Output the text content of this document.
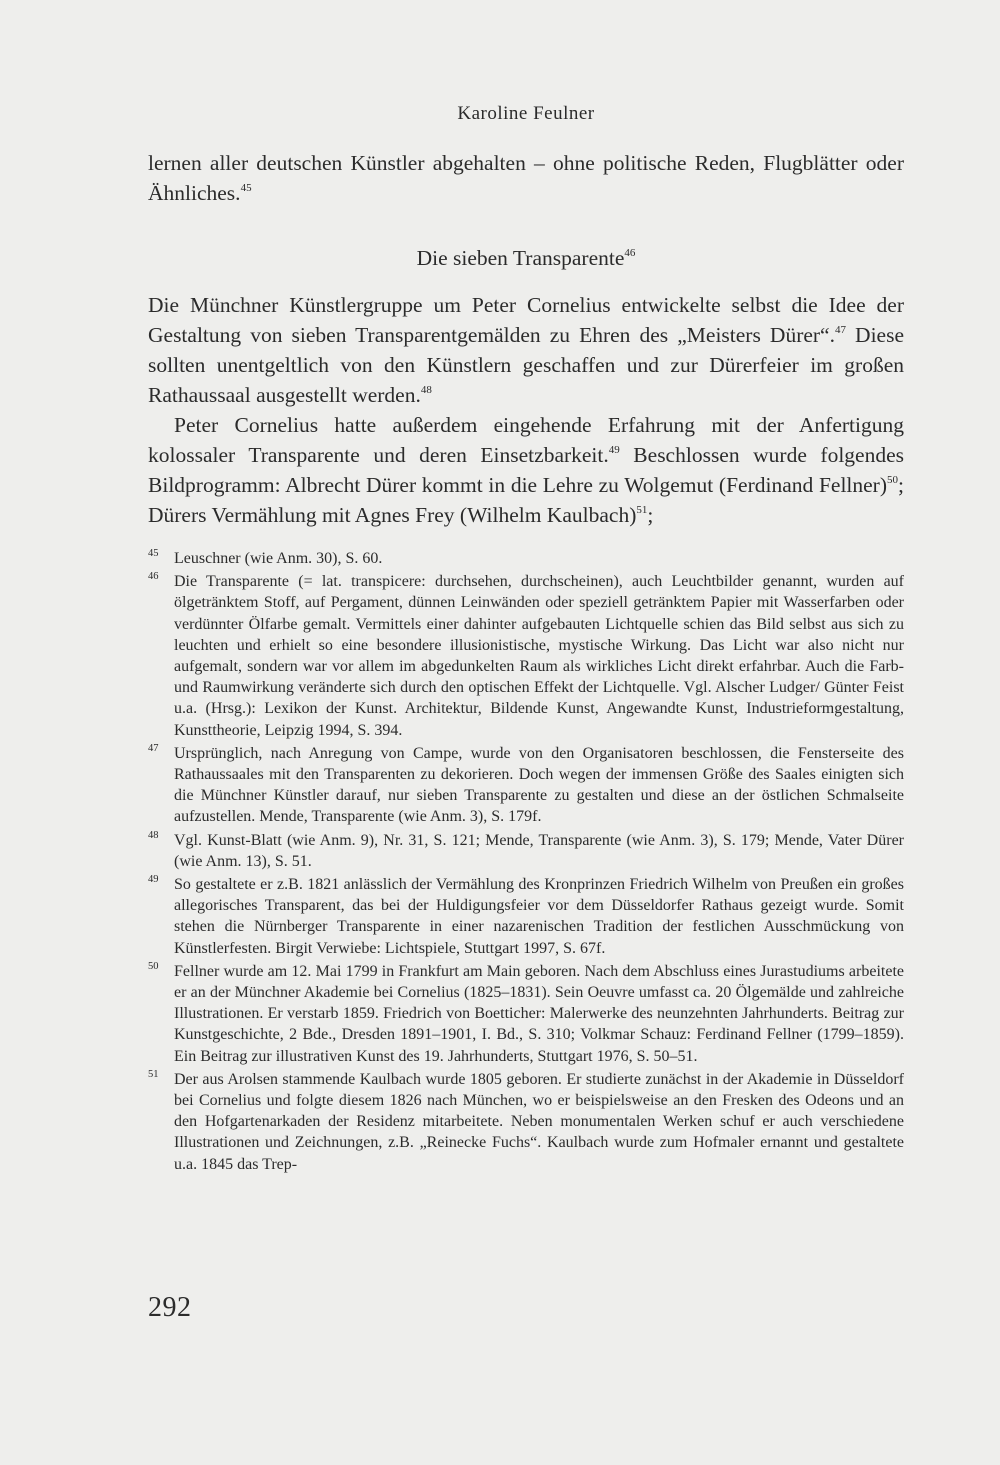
Karoline Feulner

lernen aller deutschen Künstler abgehalten – ohne politische Reden, Flugblätter oder Ähnliches.$^{45}$

Die sieben Transparente$^{46}$

Die Münchner Künstlergruppe um Peter Cornelius entwickelte selbst die Idee der Gestaltung von sieben Transparentgemälden zu Ehren des „Meisters Dürer“.$^{47}$ Diese sollten unentgeltlich von den Künstlern geschaffen und zur Dürerfeier im großen Rathaussaal ausgestellt werden.$^{48}$

Peter Cornelius hatte außerdem eingehende Erfahrung mit der Anfertigung kolossaler Transparente und deren Einsetzbarkeit.$^{49}$ Beschlossen wurde folgendes Bildprogramm: Albrecht Dürer kommt in die Lehre zu Wolgemut (Ferdinand Fellner)$^{50}$; Dürers Vermählung mit Agnes Frey (Wilhelm Kaulbach)$^{51}$;

45 Leuschner (wie Anm. 30), S. 60.

46 Die Transparente (= lat. transpicere: durchsehen, durchscheinen), auch Leuchtbilder genannt, wurden auf ölgetränktem Stoff, auf Pergament, dünnen Leinwänden oder speziell getränktem Papier mit Wasserfarben oder verdünnter Ölfarbe gemalt. Vermittels einer dahinter aufgebauten Lichtquelle schien das Bild selbst aus sich zu leuchten und erhielt so eine besondere illusionistische, mystische Wirkung. Das Licht war also nicht nur aufgemalt, sondern war vor allem im abgedunkelten Raum als wirkliches Licht direkt erfahrbar. Auch die Farb- und Raumwirkung veränderte sich durch den optischen Effekt der Lichtquelle. Vgl. Alscher Ludger/ Günter Feist u.a. (Hrsg.): Lexikon der Kunst. Architektur, Bildende Kunst, Angewandte Kunst, Industrieformgestaltung, Kunsttheorie, Leipzig 1994, S. 394.

47 Ursprünglich, nach Anregung von Campe, wurde von den Organisatoren beschlossen, die Fensterseite des Rathaussaales mit den Transparenten zu dekorieren. Doch wegen der immensen Größe des Saales einigten sich die Münchner Künstler darauf, nur sieben Transparente zu gestalten und diese an der östlichen Schmalseite aufzustellen. Mende, Transparente (wie Anm. 3), S. 179f.

48 Vgl. Kunst-Blatt (wie Anm. 9), Nr. 31, S. 121; Mende, Transparente (wie Anm. 3), S. 179; Mende, Vater Dürer (wie Anm. 13), S. 51.

49 So gestaltete er z.B. 1821 anlässlich der Vermählung des Kronprinzen Friedrich Wilhelm von Preußen ein großes allegorisches Transparent, das bei der Huldigungsfeier vor dem Düsseldorfer Rathaus gezeigt wurde. Somit stehen die Nürnberger Transparente in einer nazarenischen Tradition der festlichen Ausschmückung von Künstlerfesten. Birgit Verwiebe: Lichtspiele, Stuttgart 1997, S. 67f.

50 Fellner wurde am 12. Mai 1799 in Frankfurt am Main geboren. Nach dem Abschluss eines Jurastudiums arbeitete er an der Münchner Akademie bei Cornelius (1825–1831). Sein Oeuvre umfasst ca. 20 Ölgemälde und zahlreiche Illustrationen. Er verstarb 1859. Friedrich von Boetticher: Malerwerke des neunzehnten Jahrhunderts. Beitrag zur Kunstgeschichte, 2 Bde., Dresden 1891–1901, I. Bd., S. 310; Volkmar Schauz: Ferdinand Fellner (1799–1859). Ein Beitrag zur illustrativen Kunst des 19. Jahrhunderts, Stuttgart 1976, S. 50–51.

51 Der aus Arolsen stammende Kaulbach wurde 1805 geboren. Er studierte zunächst in der Akademie in Düsseldorf bei Cornelius und folgte diesem 1826 nach München, wo er beispielsweise an den Fresken des Odeons und an den Hofgartenarkaden der Residenz mitarbeitete. Neben monumentalen Werken schuf er auch verschiedene Illustrationen und Zeichnungen, z.B. „Reinecke Fuchs“. Kaulbach wurde zum Hofmaler ernannt und gestaltete u.a. 1845 das Trep-

292
